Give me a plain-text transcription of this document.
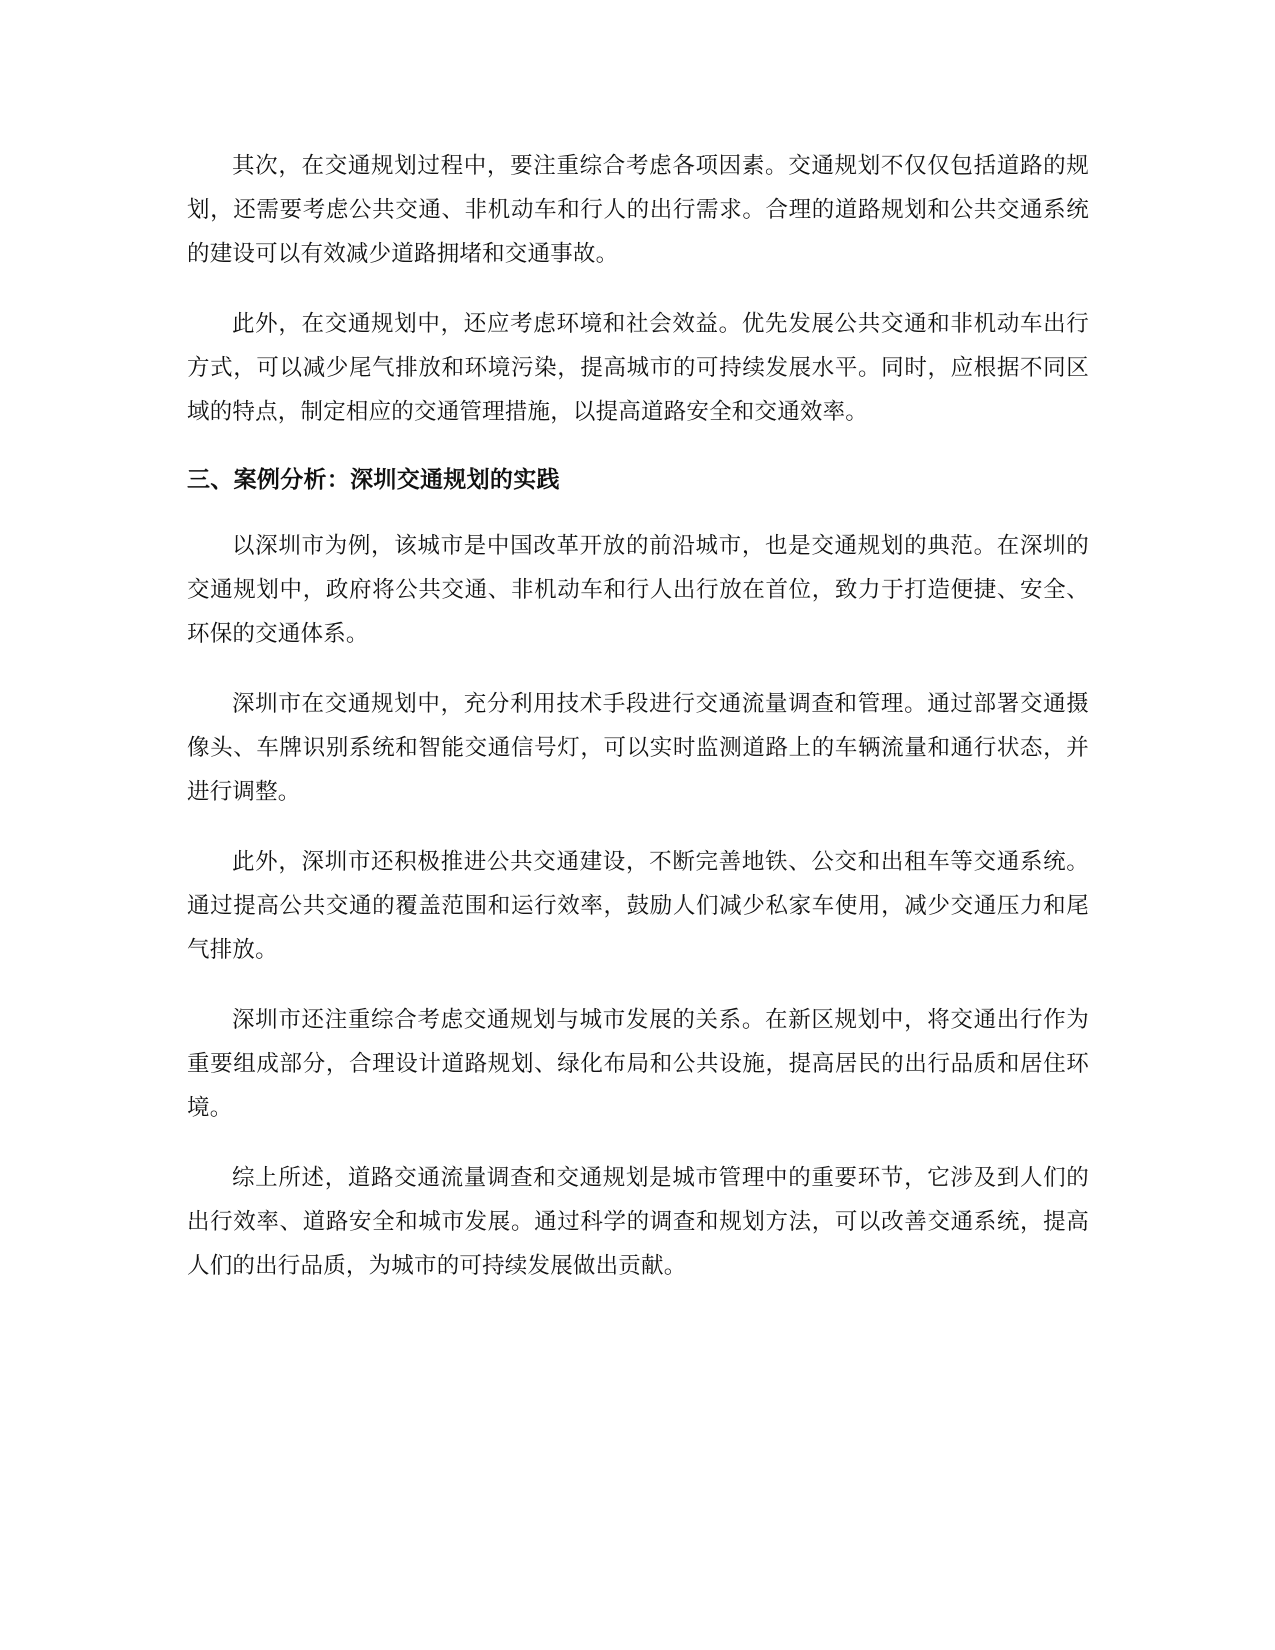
其次，在交通规划过程中，要注重综合考虑各项因素。交通规划不仅仅包括道路的规划，还需要考虑公共交通、非机动车和行人的出行需求。合理的道路规划和公共交通系统的建设可以有效减少道路拥堵和交通事故。

此外，在交通规划中，还应考虑环境和社会效益。优先发展公共交通和非机动车出行方式，可以减少尾气排放和环境污染，提高城市的可持续发展水平。同时，应根据不同区域的特点，制定相应的交通管理措施，以提高道路安全和交通效率。

三、案例分析：深圳交通规划的实践

以深圳市为例，该城市是中国改革开放的前沿城市，也是交通规划的典范。在深圳的交通规划中，政府将公共交通、非机动车和行人出行放在首位，致力于打造便捷、安全、环保的交通体系。

深圳市在交通规划中，充分利用技术手段进行交通流量调查和管理。通过部署交通摄像头、车牌识别系统和智能交通信号灯，可以实时监测道路上的车辆流量和通行状态，并进行调整。

此外，深圳市还积极推进公共交通建设，不断完善地铁、公交和出租车等交通系统。通过提高公共交通的覆盖范围和运行效率，鼓励人们减少私家车使用，减少交通压力和尾气排放。

深圳市还注重综合考虑交通规划与城市发展的关系。在新区规划中，将交通出行作为重要组成部分，合理设计道路规划、绿化布局和公共设施，提高居民的出行品质和居住环境。

综上所述，道路交通流量调查和交通规划是城市管理中的重要环节，它涉及到人们的出行效率、道路安全和城市发展。通过科学的调查和规划方法，可以改善交通系统，提高人们的出行品质，为城市的可持续发展做出贡献。
